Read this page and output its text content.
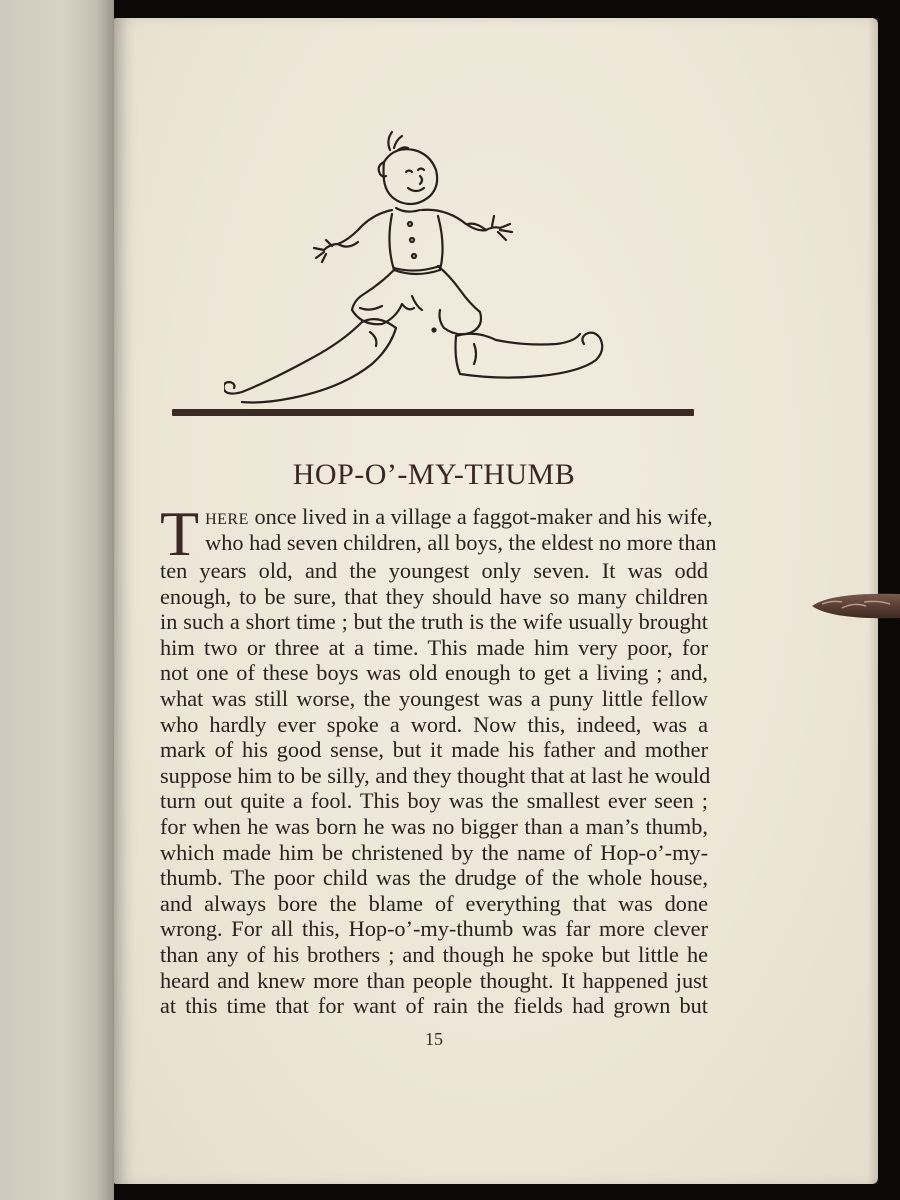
HOP-O’-MY-THUMB
T here once lived in a village a faggot-maker and his wife,
who had seven children, all boys, the eldest no more than
ten years old, and the youngest only seven. It was odd
enough, to be sure, that they should have so many children
in such a short time ; but the truth is the wife usually brought
him two or three at a time. This made him very poor, for
not one of these boys was old enough to get a living ; and,
what was still worse, the youngest was a puny little fellow
who hardly ever spoke a word. Now this, indeed, was a
mark of his good sense, but it made his father and mother
suppose him to be silly, and they thought that at last he would
turn out quite a fool. This boy was the smallest ever seen ;
for when he was born he was no bigger than a man’s thumb,
which made him be christened by the name of Hop-o’-my-
thumb. The poor child was the drudge of the whole house,
and always bore the blame of everything that was done
wrong. For all this, Hop-o’-my-thumb was far more clever
than any of his brothers ; and though he spoke but little he
heard and knew more than people thought. It happened just
at this time that for want of rain the fields had grown but
15
